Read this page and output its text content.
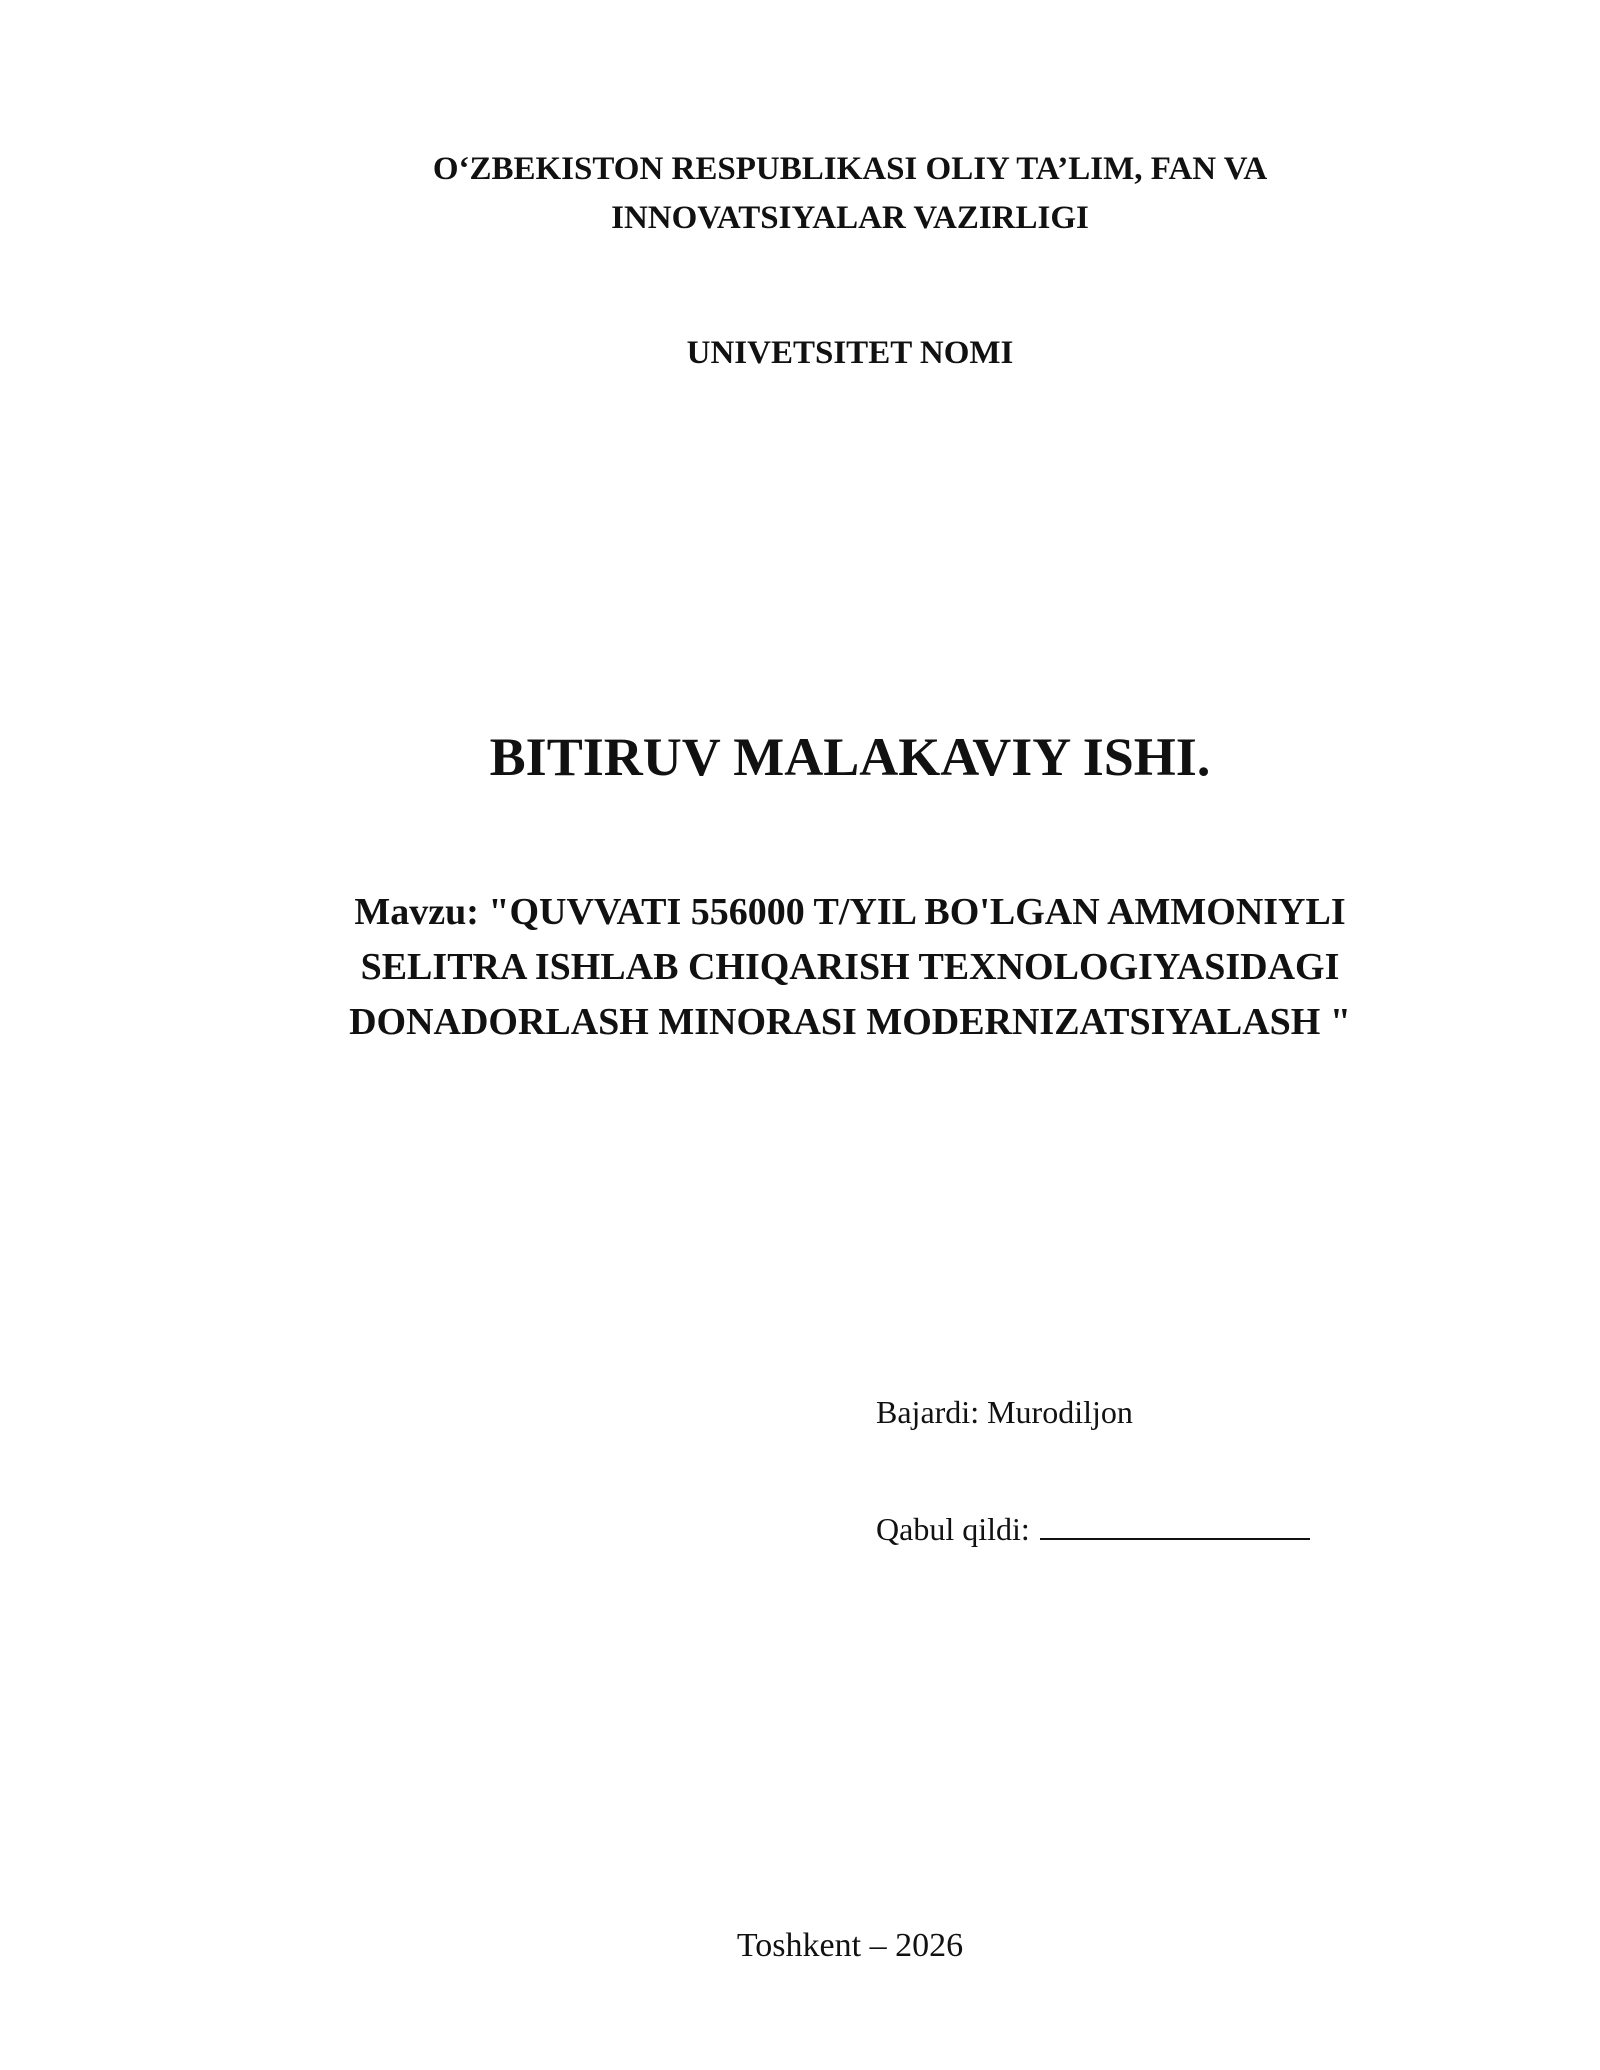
O‘ZBEKISTON RESPUBLIKASI OLIY TA’LIM, FAN VA
INNOVATSIYALAR VAZIRLIGI
UNIVETSITET NOMI
BITIRUV MALAKAVIY ISHI.
Mavzu: "QUVVATI 556000 T/YIL BO'LGAN AMMONIYLI
SELITRA ISHLAB CHIQARISH TEXNOLOGIYASIDAGI
DONADORLASH MINORASI MODERNIZATSIYALASH "
Bajardi: Murodiljon
Qabul qildi:
Toshkent – 2026
